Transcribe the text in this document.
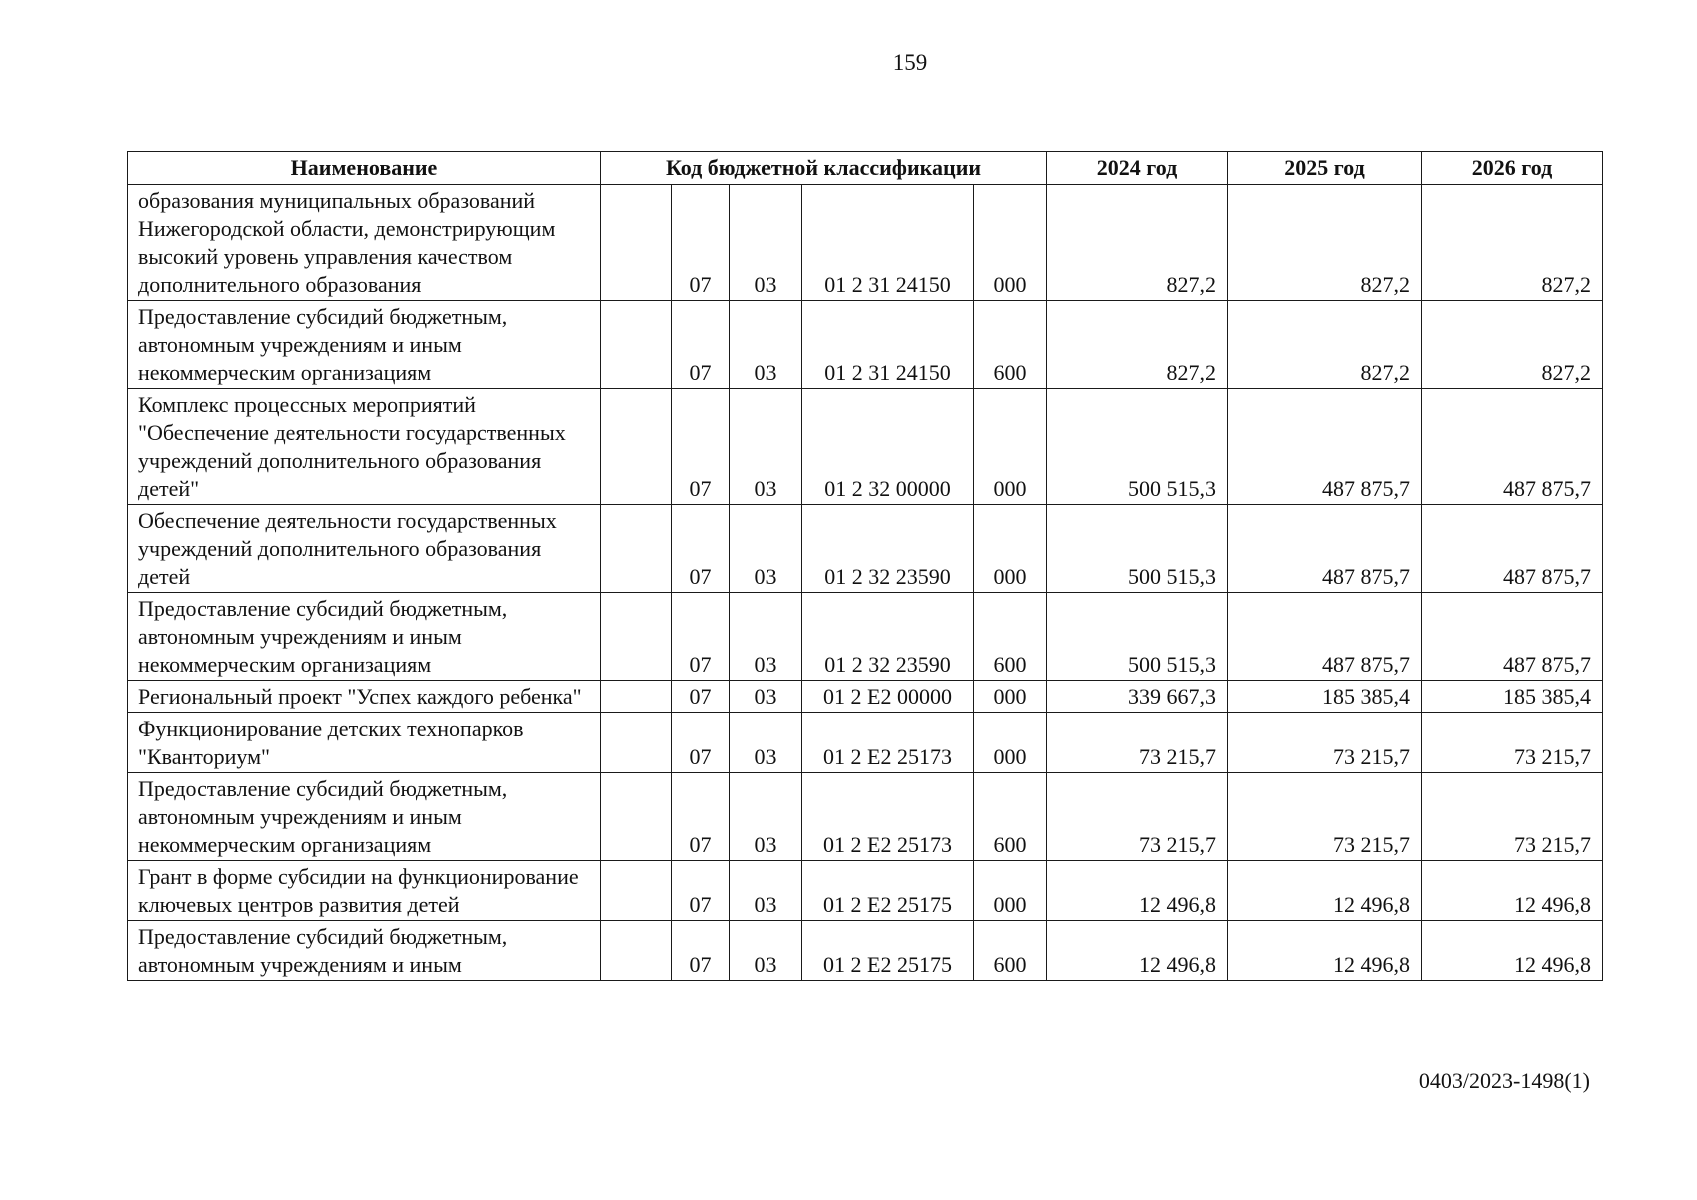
159
Наименование	Код бюджетной классификации					2024 год	2025 год	2026 год
образования муниципальных образований Нижегородской области, демонстрирующим высокий уровень управления качеством дополнительного образования		07	03	01 2 31 24150	000	827,2	827,2	827,2
Предоставление субсидий бюджетным, автономным учреждениям и иным некоммерческим организациям		07	03	01 2 31 24150	600	827,2	827,2	827,2
Комплекс процессных мероприятий "Обеспечение деятельности государственных учреждений дополнительного образования детей"		07	03	01 2 32 00000	000	500 515,3	487 875,7	487 875,7
Обеспечение деятельности государственных учреждений дополнительного образования детей		07	03	01 2 32 23590	000	500 515,3	487 875,7	487 875,7
Предоставление субсидий бюджетным, автономным учреждениям и иным некоммерческим организациям		07	03	01 2 32 23590	600	500 515,3	487 875,7	487 875,7
Региональный проект "Успех каждого ребенка"		07	03	01 2 E2 00000	000	339 667,3	185 385,4	185 385,4
Функционирование детских технопарков "Кванториум"		07	03	01 2 E2 25173	000	73 215,7	73 215,7	73 215,7
Предоставление субсидий бюджетным, автономным учреждениям и иным некоммерческим организациям		07	03	01 2 E2 25173	600	73 215,7	73 215,7	73 215,7
Грант в форме субсидии на функционирование ключевых центров развития детей		07	03	01 2 E2 25175	000	12 496,8	12 496,8	12 496,8
Предоставление субсидий бюджетным, автономным учреждениям и иным		07	03	01 2 E2 25175	600	12 496,8	12 496,8	12 496,8
0403/2023-1498(1)
